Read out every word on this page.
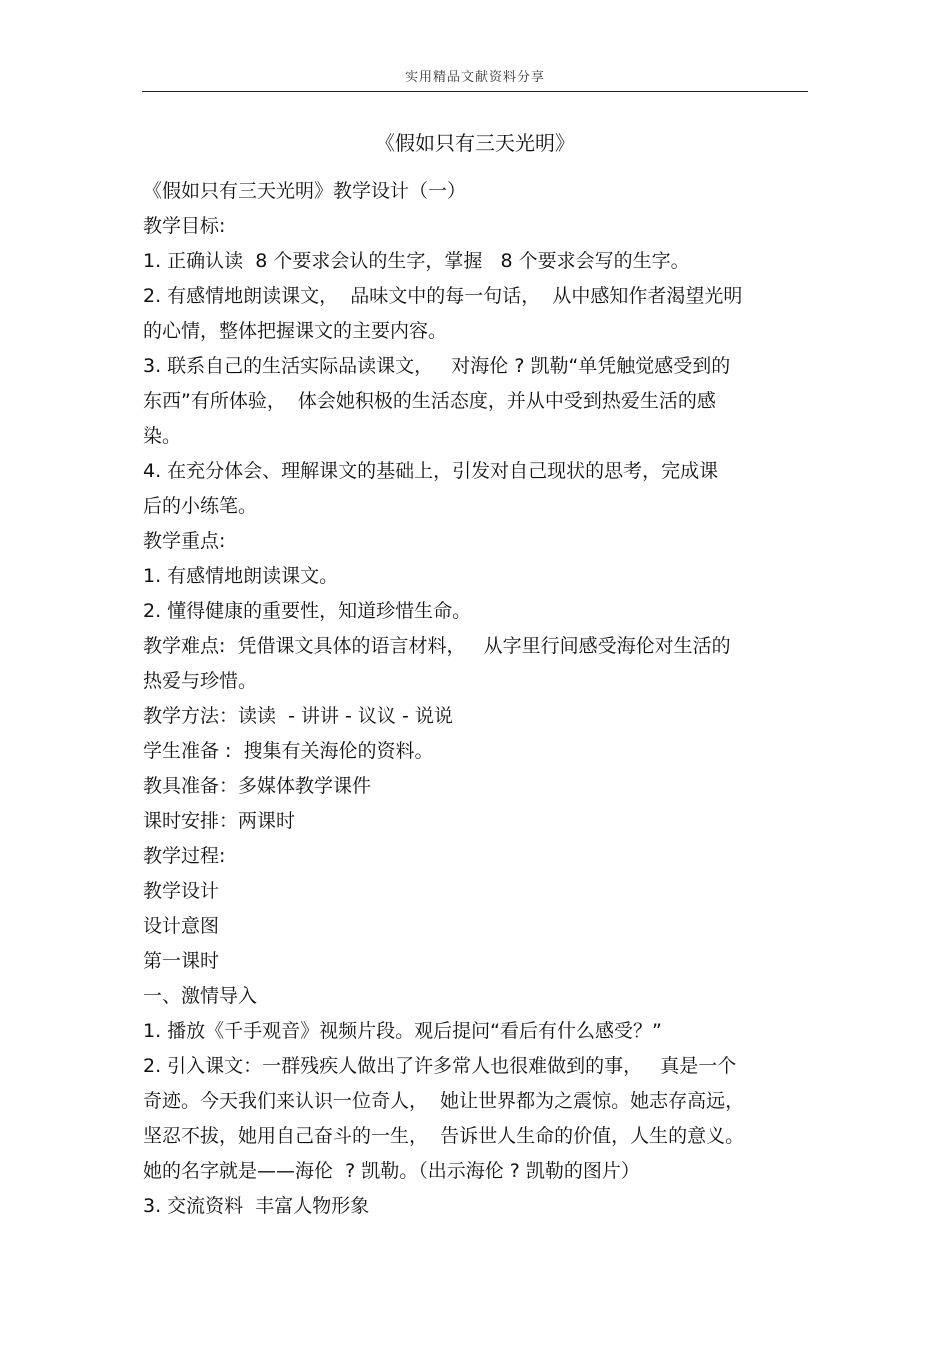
实用精品文献资料分享
《假如只有三天光明》
《假如只有三天光明》教学设计（一）
教学目标:
1. 正确认读  8 个要求会认的生字，掌握   8 个要求会写的生字。
2. 有感情地朗读课文，  品味文中的每一句话，  从中感知作者渴望光明
的心情，整体把握课文的主要内容。
3. 联系自己的生活实际品读课文，   对海伦 ? 凯勒“单凭触觉感受到的
东西”有所体验，  体会她积极的生活态度，并从中受到热爱生活的感
染。
4. 在充分体会、理解课文的基础上，引发对自己现状的思考，完成课
后的小练笔。
教学重点:
1. 有感情地朗读课文。
2. 懂得健康的重要性，知道珍惜生命。
教学难点:  凭借课文具体的语言材料，   从字里行间感受海伦对生活的
热爱与珍惜。
教学方法：读读  - 讲讲 - 议议 - 说说
学生准备 :  搜集有关海伦的资料。
教具准备：多媒体教学课件
课时安排：两课时
教学过程:
教学设计
设计意图
第一课时
一、激情导入
1. 播放《千手观音》视频片段。观后提问“看后有什么感受？”
2. 引入课文：一群残疾人做出了许多常人也很难做到的事，   真是一个
奇迹。今天我们来认识一位奇人，  她让世界都为之震惊。她志存高远，
坚忍不拔，她用自己奋斗的一生，  告诉世人生命的价值，人生的意义。
她的名字就是——海伦  ? 凯勒。（出示海伦 ? 凯勒的图片）
3. 交流资料  丰富人物形象
